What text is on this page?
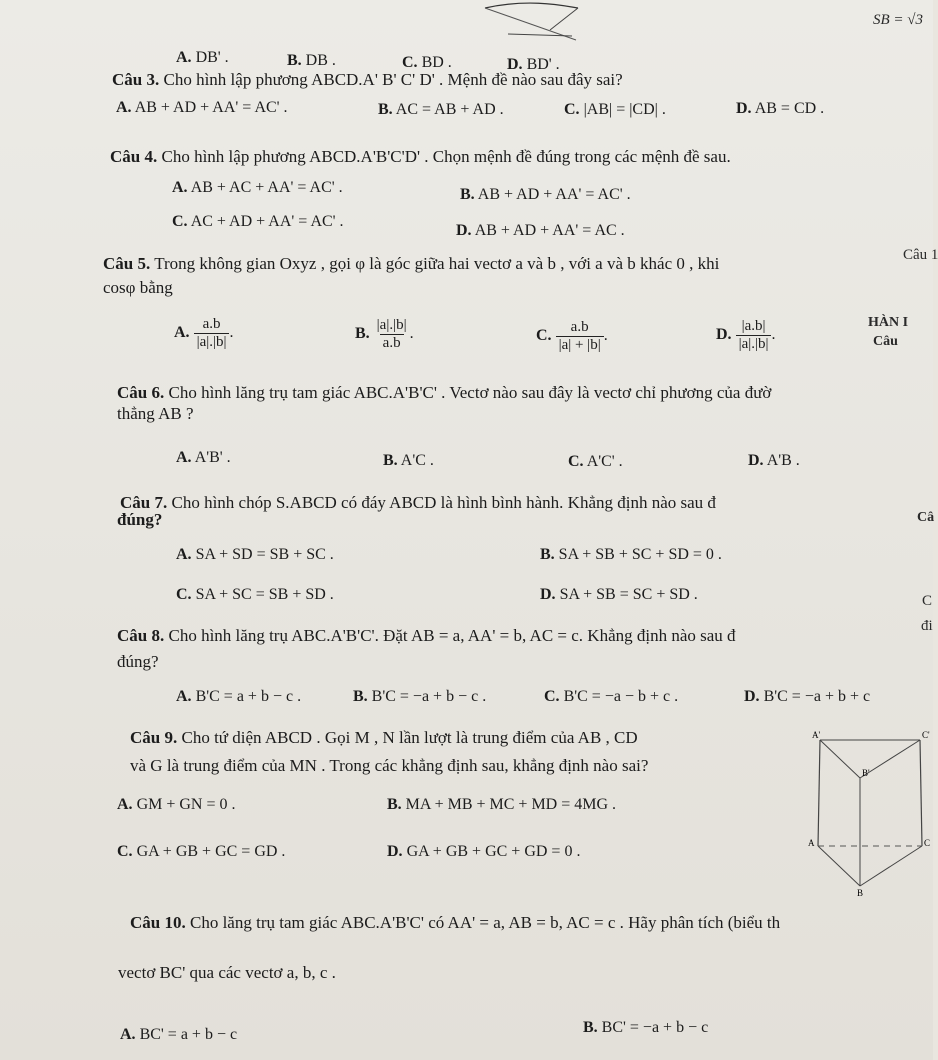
SB = √3
A. DB' .	B. DB .	C. BD .	D. BD' .
Câu 3. Cho hình lập phương ABCD.A' B' C' D' . Mệnh đề nào sau đây sai?
A. AB + AD + AA' = AC' .	B. AC = AB + AD .	C. |AB| = |CD| .	D. AB = CD .
Câu 4. Cho hình lập phương ABCD.A'B'C'D' . Chọn mệnh đề đúng trong các mệnh đề sau.
A. AB + AC + AA' = AC' .	B. AB + AD + AA' = AC' .
C. AC + AD + AA' = AC' .
D. AB + AD + AA' = AC .
Câu 1
Câu 5. Trong không gian Oxyz , gọi φ là góc giữa hai vectơ a và b , với a và b khác 0 , khi
cosφ bằng
HÀN I
Câu
A. $\frac{a.b}{|a|.|b|}$ .	B. $\frac{|a|.|b|}{a.b}$ .	C. $\frac{a.b}{|a| + |b|}$ .	D. $\frac{|a.b|}{|a|.|b|}$ .
Câu 6. Cho hình lăng trụ tam giác ABC.A'B'C' . Vectơ nào sau đây là vectơ chỉ phương của đườ
thẳng AB ?
A. A'B' .	B. A'C .	C. A'C' .	D. A'B .
Câu 7. Cho hình chóp S.ABCD có đáy ABCD là hình bình hành. Khẳng định nào sau đ
đúng?	Câ
A. SA + SD = SB + SC .	B. SA + SB + SC + SD = 0 .
C. SA + SC = SB + SD .	D. SA + SB = SC + SD .	C
đi
Câu 8. Cho hình lăng trụ ABC.A'B'C'. Đặt AB = a, AA' = b, AC = c. Khẳng định nào sau đ
đúng?
A. B'C = a + b − c .	B. B'C = −a + b − c .	C. B'C = −a − b + c .	D. B'C = −a + b + c
Câu 9. Cho tứ diện ABCD . Gọi M , N lần lượt là trung điểm của AB , CD
và G là trung điểm của MN . Trong các khẳng định sau, khẳng định nào sai?
A. GM + GN = 0 .	B. MA + MB + MC + MD = 4MG .
C. GA + GB + GC = GD .	D. GA + GB + GC + GD = 0 .
A'	C'
B'
A	C
B
Câu 10. Cho lăng trụ tam giác ABC.A'B'C' có AA' = a, AB = b, AC = c . Hãy phân tích (biểu th
vectơ BC' qua các vectơ a, b, c .
A. BC' = a + b − c	B. BC' = −a + b − c
